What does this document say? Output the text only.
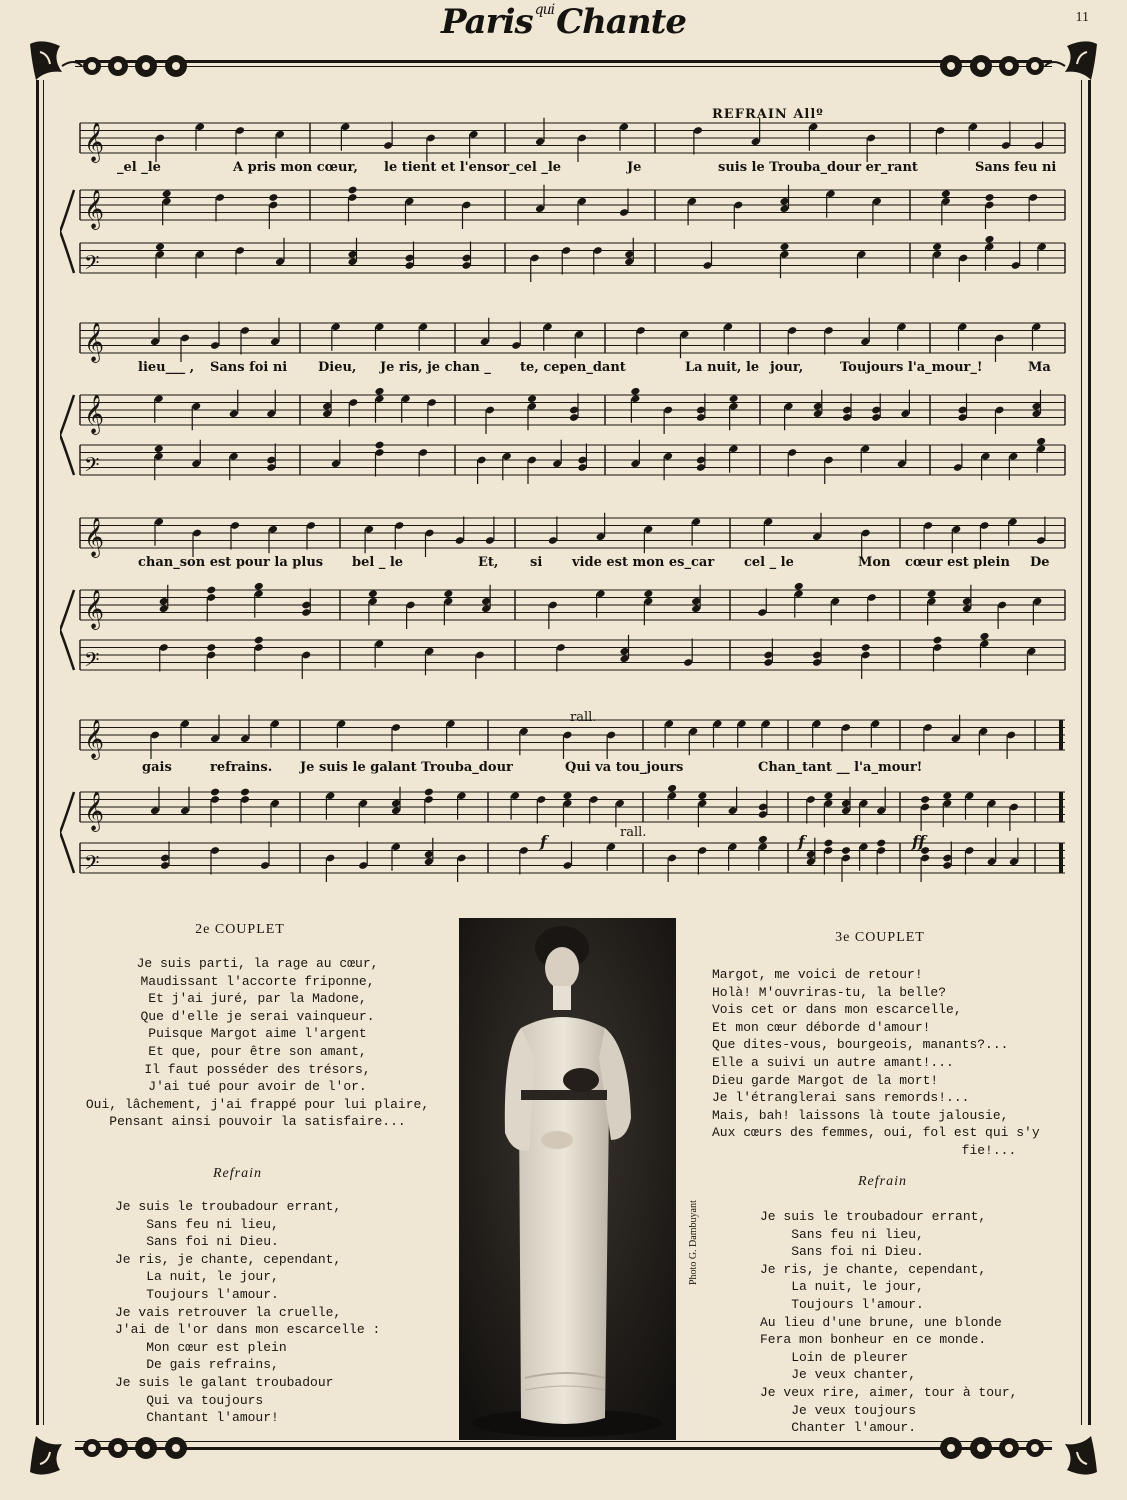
Paris $^{qui}$Chante	11
𝄞
𝄞
𝄢
𝄞
𝄞
𝄢
𝄞
𝄞
𝄢
𝄞
𝄞
𝄢
REFRAIN Allº
_el _le	A pris mon cœur, le tient et l'ensor_cel _le	Je	suis le Trouba_dour er_rant	Sans feu ni
lieu___ , Sans foi ni Dieu, Je ris, je chan _ te, cepen_dant	La nuit, le jour,	Toujours l'a_mour_!	Ma
chan_son est pour la plus bel _ le	Et, si vide est mon es_car cel _ le	Mon cœur est plein De
gais	refrains. Je suis le galant Trouba_dour	Qui va tou_jours	Chan_tant __ l'a_mour!
rall.
rall.
f	f	ff
2e COUPLET
Je suis parti, la rage au cœur,
Maudissant l'accorte friponne,
Et j'ai juré, par la Madone,
Que d'elle je serai vainqueur.
Puisque Margot aime l'argent
Et que, pour être son amant,
Il faut posséder des trésors,
J'ai tué pour avoir de l'or.
Oui, lâchement, j'ai frappé pour lui plaire,
Pensant ainsi pouvoir la satisfaire...
Refrain
Je suis le troubadour errant,
Sans feu ni lieu,
Sans foi ni Dieu.
Je ris, je chante, cependant,
La nuit, le jour,
Toujours l'amour.
Je vais retrouver la cruelle,
J'ai de l'or dans mon escarcelle :
Mon cœur est plein
De gais refrains,
Je suis le galant troubadour
Qui va toujours
Chantant l'amour!
Photo G. Dambuyant
3e COUPLET
Margot, me voici de retour!
Holà! M'ouvriras-tu, la belle?
Vois cet or dans mon escarcelle,
Et mon cœur déborde d'amour!
Que dites-vous, bourgeois, manants?...
Elle a suivi un autre amant!...
Dieu garde Margot de la mort!
Je l'étranglerai sans remords!...
Mais, bah! laissons là toute jalousie,
Aux cœurs des femmes, oui, fol est qui s'y
fie!...
Refrain
Je suis le troubadour errant,
Sans feu ni lieu,
Sans foi ni Dieu.
Je ris, je chante, cependant,
La nuit, le jour,
Toujours l'amour.
Au lieu d'une brune, une blonde
Fera mon bonheur en ce monde.
Loin de pleurer
Je veux chanter,
Je veux rire, aimer, tour à tour,
Je veux toujours
Chanter l'amour.
